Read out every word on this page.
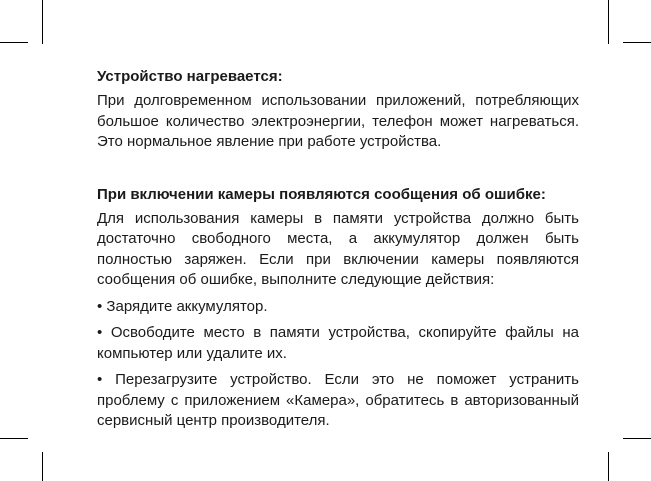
Устройство нагревается:

При долговременном использовании приложений, потребляющих большое количество электроэнергии, телефон может нагреваться. Это нормальное явление при работе устройства.

При включении камеры появляются сообщения об ошибке:

Для использования камеры в памяти устройства должно быть достаточно свободного места, а аккумулятор должен быть полностью заряжен. Если при включении камеры появляются сообщения об ошибке, выполните следующие действия:

• Зарядите аккумулятор.

• Освободите место в памяти устройства, скопируйте файлы на компьютер или удалите их.

• Перезагрузите устройство. Если это не поможет устранить проблему с приложением «Камера», обратитесь в авторизованный сервисный центр производителя.
